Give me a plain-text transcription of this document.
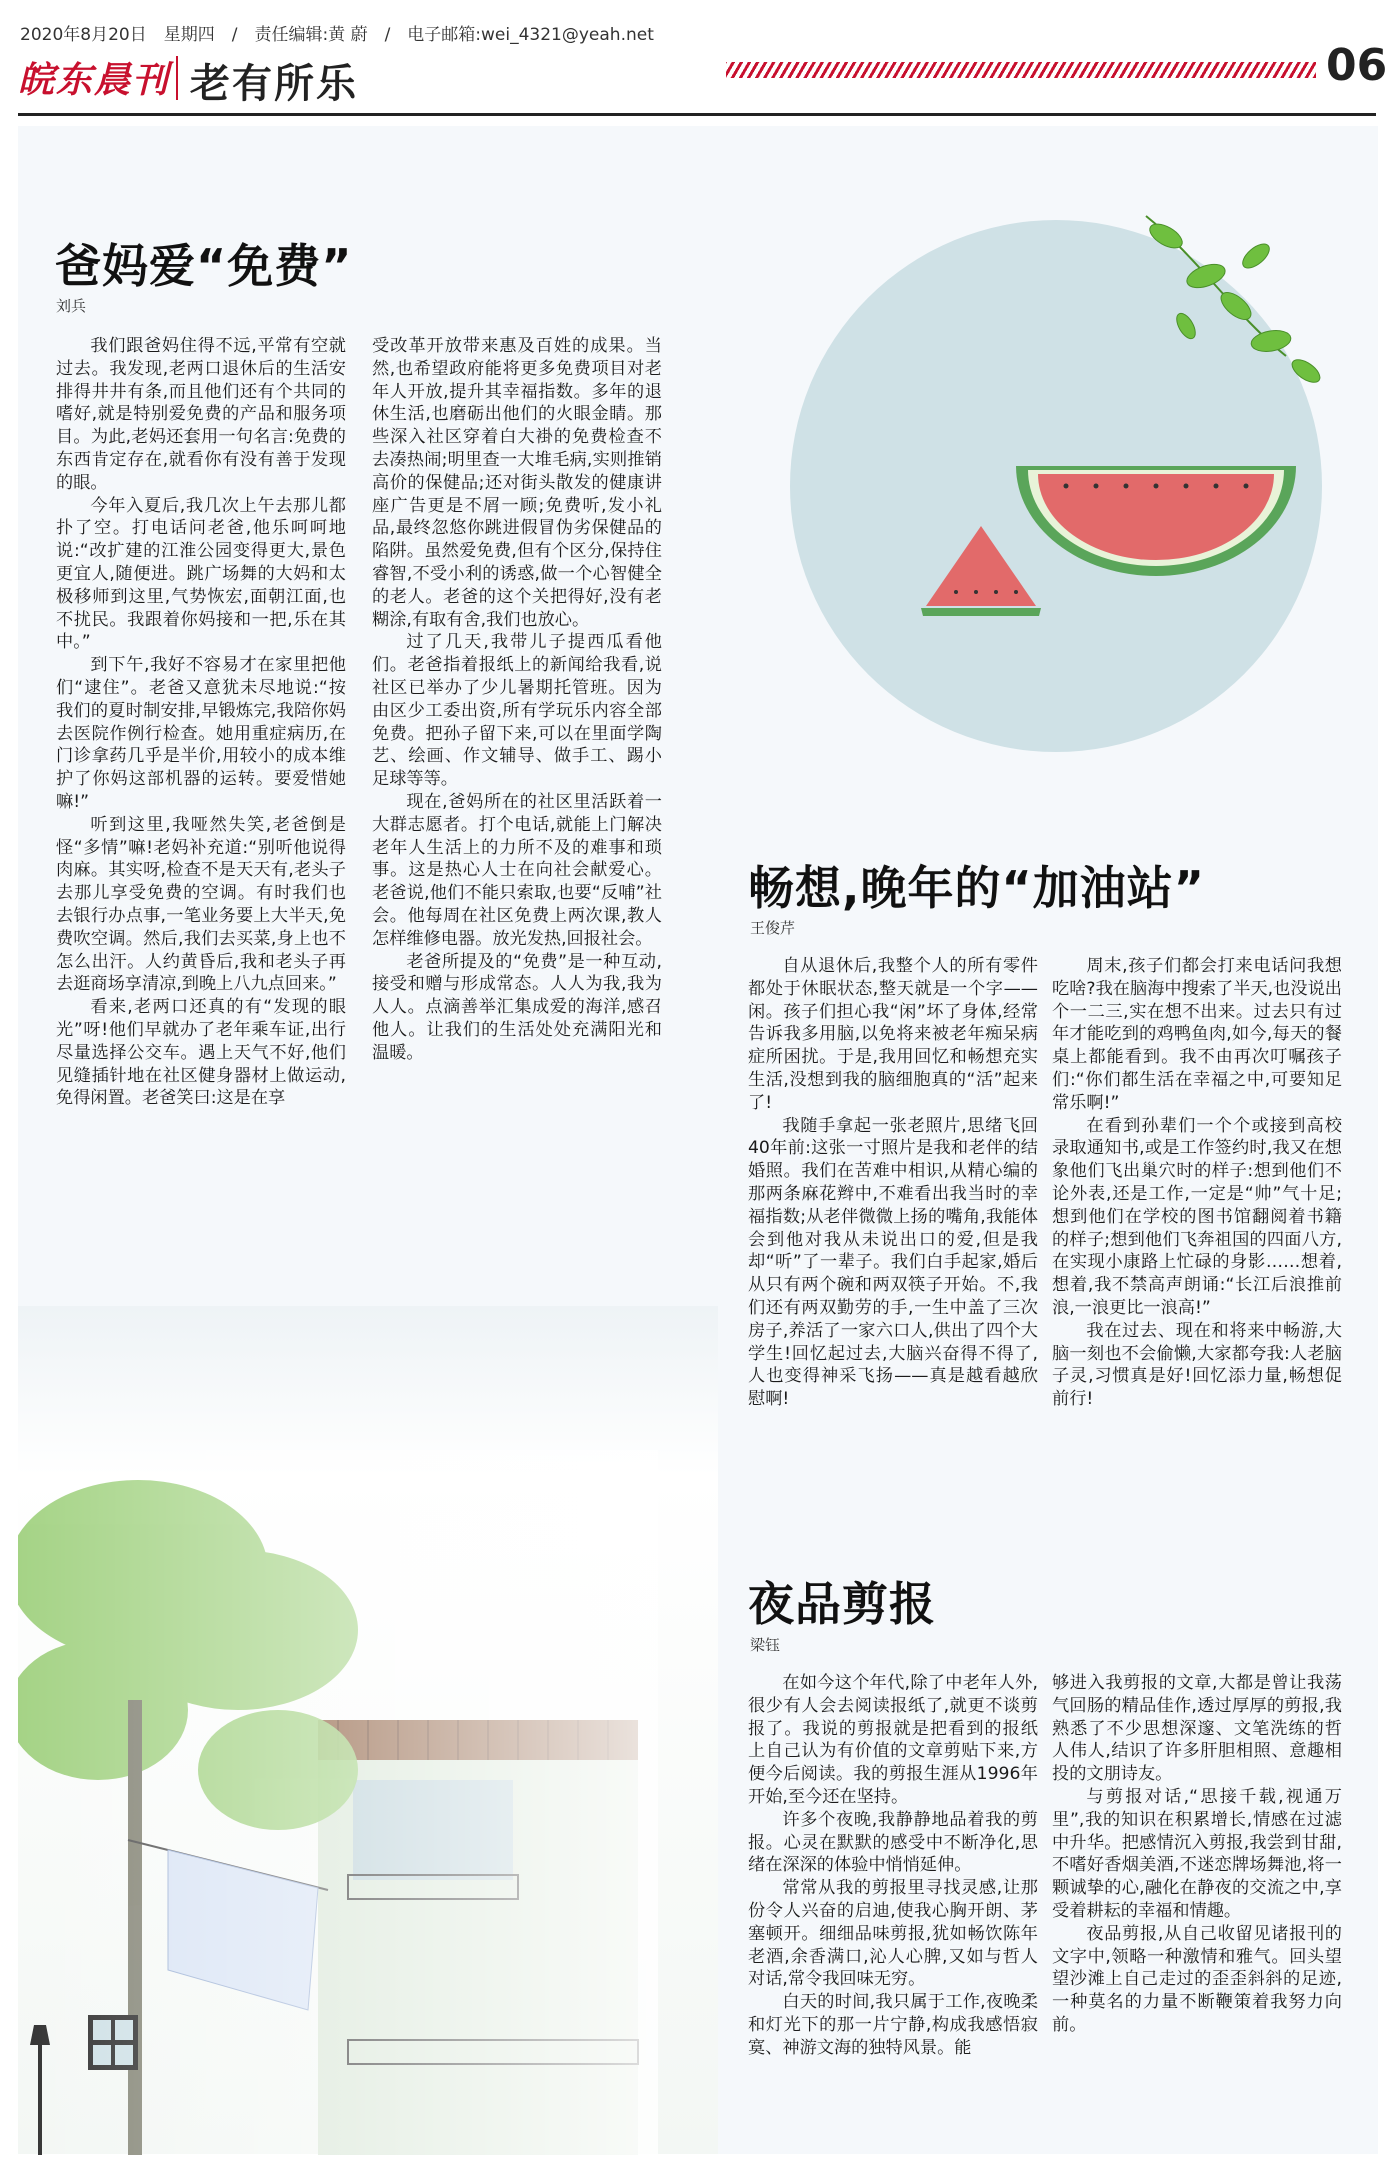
2020年8月20日　星期四　/　责任编辑:黄 蔚　/　电子邮箱:wei_4321@yeah.net
皖东晨刊 老有所乐	06
爸妈爱“免费”
刘兵

我们跟爸妈住得不远,平常有空就过去。我发现,老两口退休后的生活安排得井井有条,而且他们还有个共同的嗜好,就是特别爱免费的产品和服务项目。为此,老妈还套用一句名言:免费的东西肯定存在,就看你有没有善于发现的眼。

今年入夏后,我几次上午去那儿都扑了空。打电话问老爸,他乐呵呵地说:“改扩建的江淮公园变得更大,景色更宜人,随便进。跳广场舞的大妈和太极移师到这里,气势恢宏,面朝江面,也不扰民。我跟着你妈接和一把,乐在其中。”

到下午,我好不容易才在家里把他们“逮住”。老爸又意犹未尽地说:“按我们的夏时制安排,早锻炼完,我陪你妈去医院作例行检查。她用重症病历,在门诊拿药几乎是半价,用较小的成本维护了你妈这部机器的运转。要爱惜她嘛!”

听到这里,我哑然失笑,老爸倒是怪“多情”嘛!老妈补充道:“别听他说得肉麻。其实呀,检查不是天天有,老头子去那儿享受免费的空调。有时我们也去银行办点事,一笔业务要上大半天,免费吹空调。然后,我们去买菜,身上也不怎么出汗。人约黄昏后,我和老头子再去逛商场享清凉,到晚上八九点回来。”

看来,老两口还真的有“发现的眼光”呀!他们早就办了老年乘车证,出行尽量选择公交车。遇上天气不好,他们见缝插针地在社区健身器材上做运动,免得闲置。老爸笑曰:这是在享

受改革开放带来惠及百姓的成果。当然,也希望政府能将更多免费项目对老年人开放,提升其幸福指数。多年的退休生活,也磨砺出他们的火眼金睛。那些深入社区穿着白大褂的免费检查不去凑热闹;明里查一大堆毛病,实则推销高价的保健品;还对街头散发的健康讲座广告更是不屑一顾;免费听,发小礼品,最终忽悠你跳进假冒伪劣保健品的陷阱。虽然爱免费,但有个区分,保持住睿智,不受小利的诱惑,做一个心智健全的老人。老爸的这个关把得好,没有老糊涂,有取有舍,我们也放心。

过了几天,我带儿子提西瓜看他们。老爸指着报纸上的新闻给我看,说社区已举办了少儿暑期托管班。因为由区少工委出资,所有学玩乐内容全部免费。把孙子留下来,可以在里面学陶艺、绘画、作文辅导、做手工、踢小足球等等。

现在,爸妈所在的社区里活跃着一大群志愿者。打个电话,就能上门解决老年人生活上的力所不及的难事和琐事。这是热心人士在向社会献爱心。老爸说,他们不能只索取,也要“反哺”社会。他每周在社区免费上两次课,教人怎样维修电器。放光发热,回报社会。

老爸所提及的“免费”是一种互动,接受和赠与形成常态。人人为我,我为人人。点滴善举汇集成爱的海洋,感召他人。让我们的生活处处充满阳光和温暖。

畅想,晚年的“加油站”
王俊芹

自从退休后,我整个人的所有零件都处于休眠状态,整天就是一个字——闲。孩子们担心我“闲”坏了身体,经常告诉我多用脑,以免将来被老年痴呆病症所困扰。于是,我用回忆和畅想充实生活,没想到我的脑细胞真的“活”起来了!

我随手拿起一张老照片,思绪飞回40年前:这张一寸照片是我和老伴的结婚照。我们在苦难中相识,从精心编的那两条麻花辫中,不难看出我当时的幸福指数;从老伴微微上扬的嘴角,我能体会到他对我从未说出口的爱,但是我却“听”了一辈子。我们白手起家,婚后从只有两个碗和两双筷子开始。不,我们还有两双勤劳的手,一生中盖了三次房子,养活了一家六口人,供出了四个大学生!回忆起过去,大脑兴奋得不得了,人也变得神采飞扬——真是越看越欣慰啊!

周末,孩子们都会打来电话问我想吃啥?我在脑海中搜索了半天,也没说出个一二三,实在想不出来。过去只有过年才能吃到的鸡鸭鱼肉,如今,每天的餐桌上都能看到。我不由再次叮嘱孩子们:“你们都生活在幸福之中,可要知足常乐啊!”

在看到孙辈们一个个或接到高校录取通知书,或是工作签约时,我又在想象他们飞出巢穴时的样子:想到他们不论外表,还是工作,一定是“帅”气十足;想到他们在学校的图书馆翻阅着书籍的样子;想到他们飞奔祖国的四面八方,在实现小康路上忙碌的身影……想着,想着,我不禁高声朗诵:“长江后浪推前浪,一浪更比一浪高!”

我在过去、现在和将来中畅游,大脑一刻也不会偷懒,大家都夸我:人老脑子灵,习惯真是好!回忆添力量,畅想促前行!

夜品剪报
梁钰

在如今这个年代,除了中老年人外,很少有人会去阅读报纸了,就更不谈剪报了。我说的剪报就是把看到的报纸上自己认为有价值的文章剪贴下来,方便今后阅读。我的剪报生涯从1996年开始,至今还在坚持。

许多个夜晚,我静静地品着我的剪报。心灵在默默的感受中不断净化,思绪在深深的体验中悄悄延伸。

常常从我的剪报里寻找灵感,让那份令人兴奋的启迪,使我心胸开朗、茅塞顿开。细细品味剪报,犹如畅饮陈年老酒,余香满口,沁人心脾,又如与哲人对话,常令我回味无穷。

白天的时间,我只属于工作,夜晚柔和灯光下的那一片宁静,构成我感悟寂寞、神游文海的独特风景。能

够进入我剪报的文章,大都是曾让我荡气回肠的精品佳作,透过厚厚的剪报,我熟悉了不少思想深邃、文笔洗练的哲人伟人,结识了许多肝胆相照、意趣相投的文朋诗友。

与剪报对话,“思接千载,视通万里”,我的知识在积累增长,情感在过滤中升华。把感情沉入剪报,我尝到甘甜,不嗜好香烟美酒,不迷恋牌场舞池,将一颗诚挚的心,融化在静夜的交流之中,享受着耕耘的幸福和情趣。

夜品剪报,从自己收留见诸报刊的文字中,领略一种激情和雅气。回头望望沙滩上自己走过的歪歪斜斜的足迹,一种莫名的力量不断鞭策着我努力向前。
